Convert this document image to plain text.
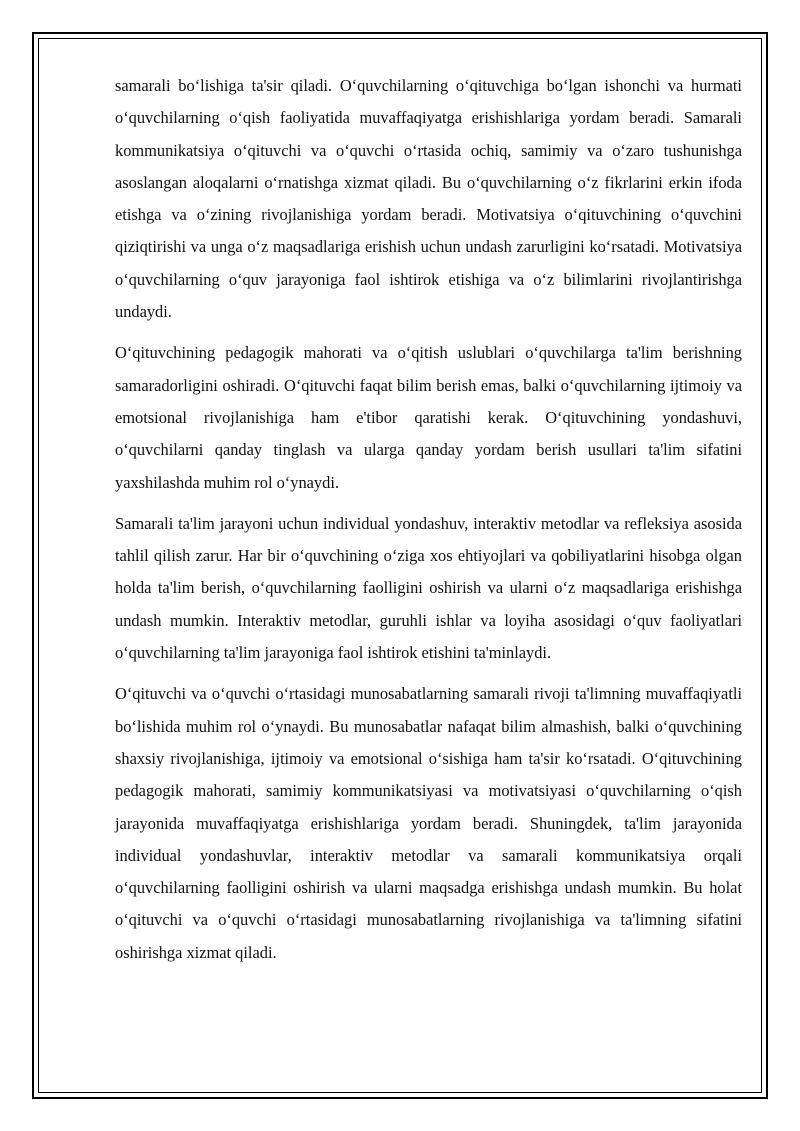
samarali boʻlishiga ta'sir qiladi. Oʻquvchilarning oʻqituvchiga boʻlgan ishonchi va hurmati oʻquvchilarning oʻqish faoliyatida muvaffaqiyatga erishishlariga yordam beradi. Samarali kommunikatsiya oʻqituvchi va oʻquvchi oʻrtasida ochiq, samimiy va oʻzaro tushunishga asoslangan aloqalarni oʻrnatishga xizmat qiladi. Bu oʻquvchilarning oʻz fikrlarini erkin ifoda etishga va oʻzining rivojlanishiga yordam beradi. Motivatsiya oʻqituvchining oʻquvchini qiziqtirishi va unga oʻz maqsadlariga erishish uchun undash zarurligini koʻrsatadi. Motivatsiya oʻquvchilarning oʻquv jarayoniga faol ishtirok etishiga va oʻz bilimlarini rivojlantirishga undaydi.

Oʻqituvchining pedagogik mahorati va oʻqitish uslublari oʻquvchilarga ta'lim berishning samaradorligini oshiradi. Oʻqituvchi faqat bilim berish emas, balki oʻquvchilarning ijtimoiy va emotsional rivojlanishiga ham e'tibor qaratishi kerak. Oʻqituvchining yondashuvi, oʻquvchilarni qanday tinglash va ularga qanday yordam berish usullari ta'lim sifatini yaxshilashda muhim rol oʻynaydi.

Samarali ta'lim jarayoni uchun individual yondashuv, interaktiv metodlar va refleksiya asosida tahlil qilish zarur. Har bir oʻquvchining oʻziga xos ehtiyojlari va qobiliyatlarini hisobga olgan holda ta'lim berish, oʻquvchilarning faolligini oshirish va ularni oʻz maqsadlariga erishishga undash mumkin. Interaktiv metodlar, guruhli ishlar va loyiha asosidagi oʻquv faoliyatlari oʻquvchilarning ta'lim jarayoniga faol ishtirok etishini ta'minlaydi.

Oʻqituvchi va oʻquvchi oʻrtasidagi munosabatlarning samarali rivoji ta'limning muvaffaqiyatli boʻlishida muhim rol oʻynaydi. Bu munosabatlar nafaqat bilim almashish, balki oʻquvchining shaxsiy rivojlanishiga, ijtimoiy va emotsional oʻsishiga ham ta'sir koʻrsatadi. Oʻqituvchining pedagogik mahorati, samimiy kommunikatsiyasi va motivatsiyasi oʻquvchilarning oʻqish jarayonida muvaffaqiyatga erishishlariga yordam beradi. Shuningdek, ta'lim jarayonida individual yondashuvlar, interaktiv metodlar va samarali kommunikatsiya orqali oʻquvchilarning faolligini oshirish va ularni maqsadga erishishga undash mumkin. Bu holat oʻqituvchi va oʻquvchi oʻrtasidagi munosabatlarning rivojlanishiga va ta'limning sifatini oshirishga xizmat qiladi.
